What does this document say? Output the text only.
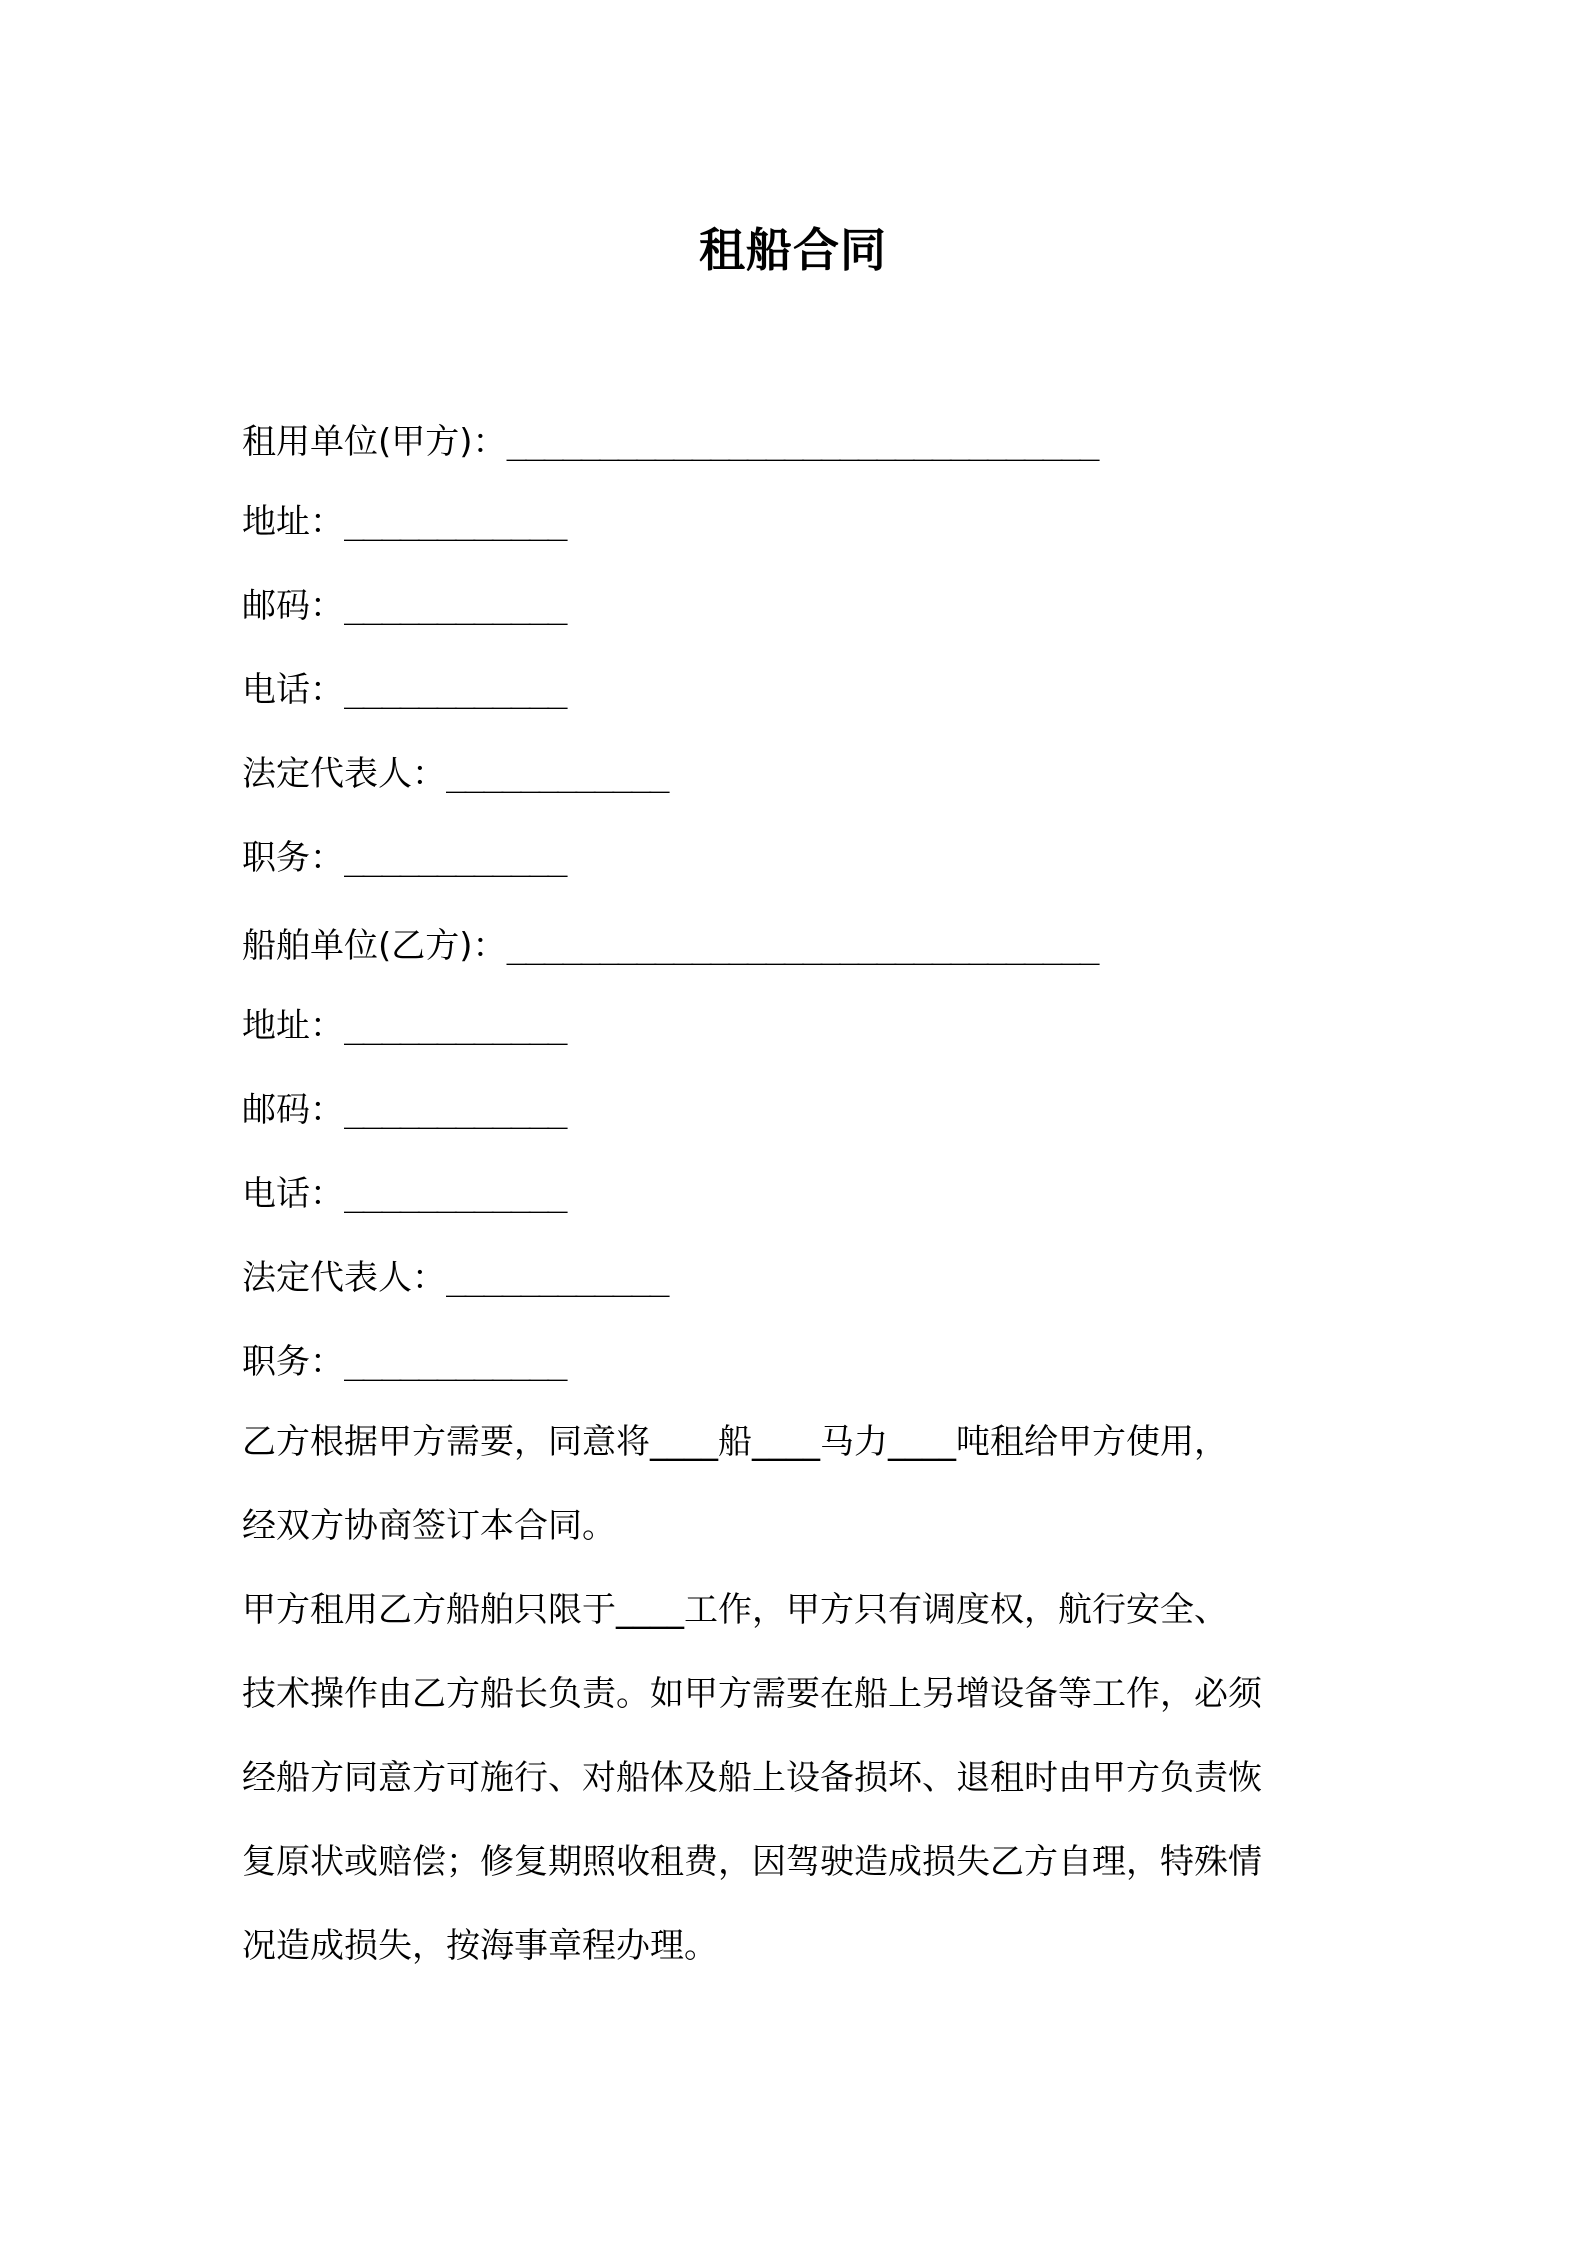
租船合同
租用单位(甲方)：________________________________
地址：____________
邮码：____________
电话：____________
法定代表人：____________
职务：____________
船舶单位(乙方)：________________________________
地址：____________
邮码：____________
电话：____________
法定代表人：____________
职务：____________
乙方根据甲方需要，同意将____船____马力____吨租给甲方使用，
经双方协商签订本合同。
甲方租用乙方船舶只限于____工作，甲方只有调度权，航行安全、
技术操作由乙方船长负责。如甲方需要在船上另增设备等工作，必须
经船方同意方可施行、对船体及船上设备损坏、退租时由甲方负责恢
复原状或赔偿；修复期照收租费，因驾驶造成损失乙方自理，特殊情
况造成损失，按海事章程办理。
